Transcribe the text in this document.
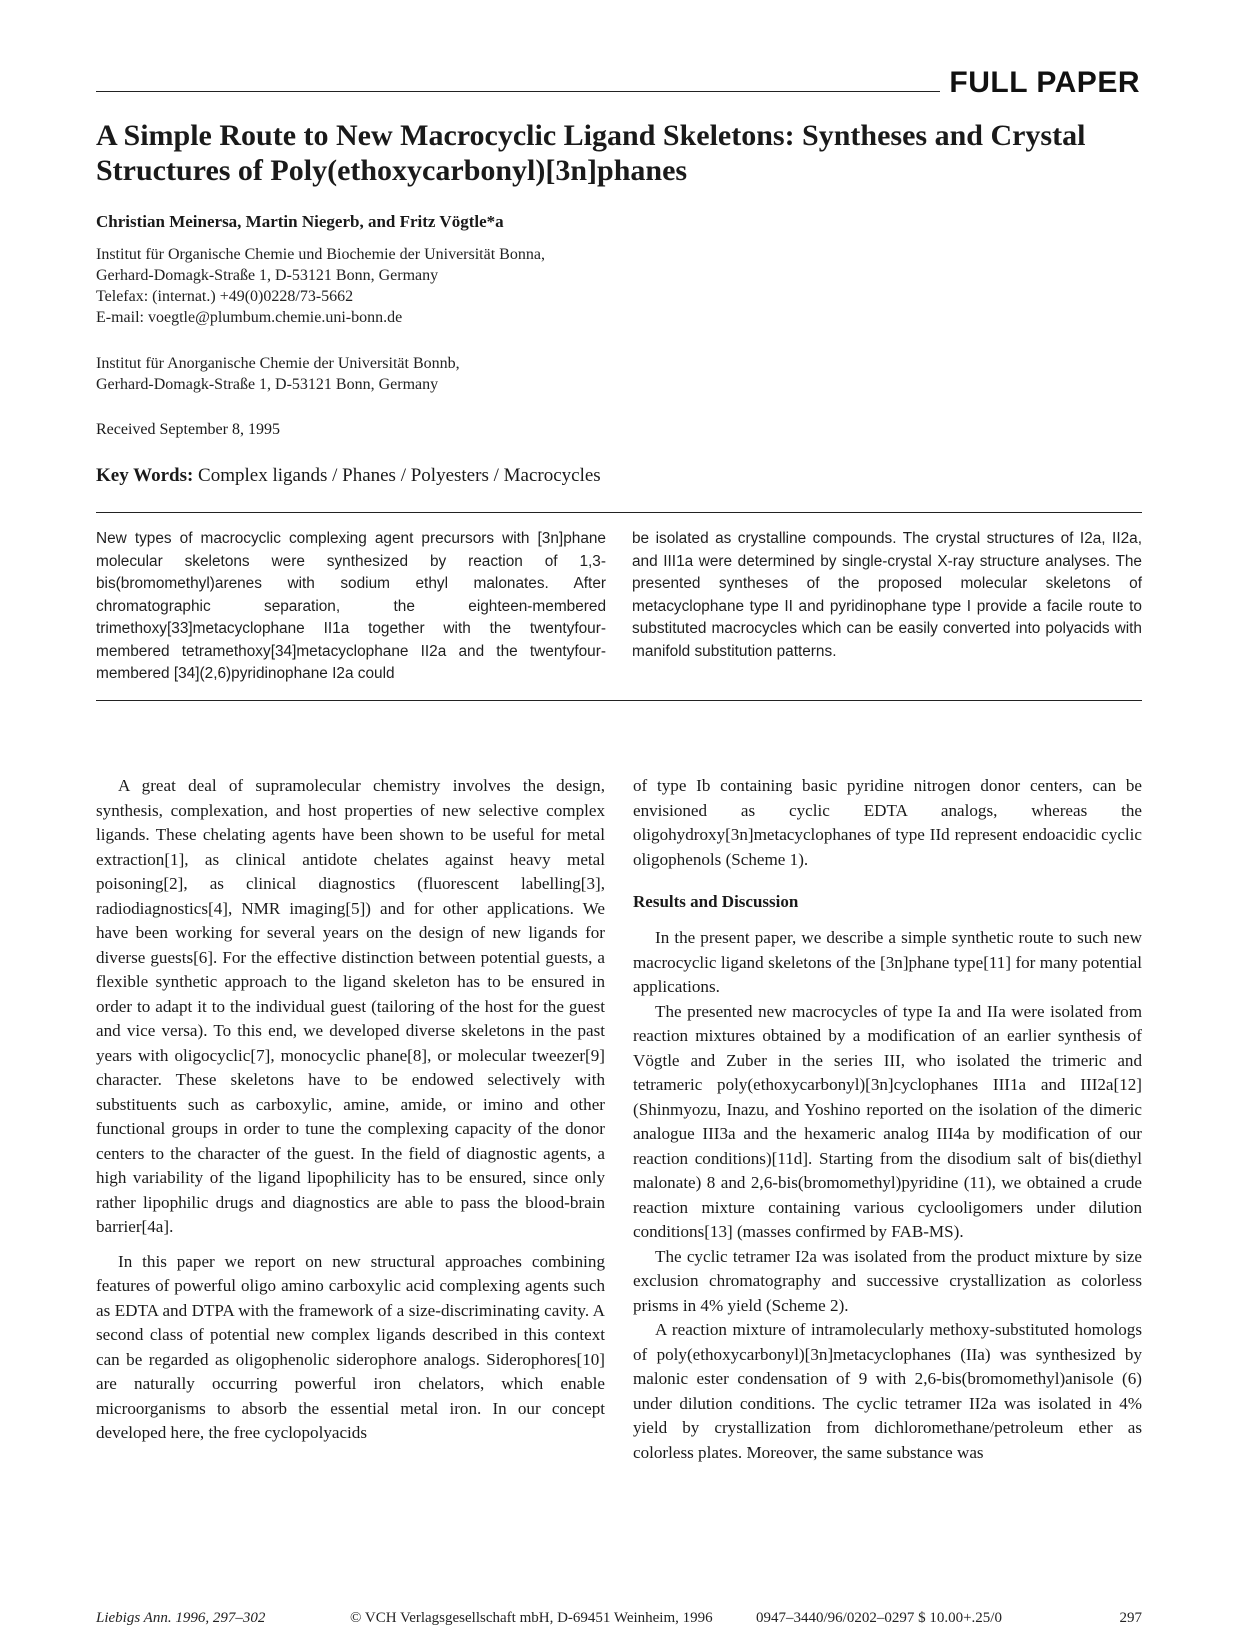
FULL PAPER
A Simple Route to New Macrocyclic Ligand Skeletons: Syntheses and Crystal Structures of Poly(ethoxycarbonyl)[3n]phanes
Christian Meinersa, Martin Niegerb, and Fritz Vögtle*a
Institut für Organische Chemie und Biochemie der Universität Bonna,
Gerhard-Domagk-Straße 1, D-53121 Bonn, Germany
Telefax: (internat.) +49(0)0228/73-5662
E-mail: voegtle@plumbum.chemie.uni-bonn.de
Institut für Anorganische Chemie der Universität Bonnb,
Gerhard-Domagk-Straße 1, D-53121 Bonn, Germany
Received September 8, 1995
Key Words: Complex ligands / Phanes / Polyesters / Macrocycles

New types of macrocyclic complexing agent precursors with [3n]phane molecular skeletons were synthesized by reaction of 1,3-bis(bromomethyl)arenes with sodium ethyl malonates. After chromatographic separation, the eighteen-membered trimethoxy[33]metacyclophane II1a together with the twentyfour-membered tetramethoxy[34]metacyclophane II2a and the twentyfour-membered [34](2,6)pyridinophane I2a could

be isolated as crystalline compounds. The crystal structures of I2a, II2a, and III1a were determined by single-crystal X-ray structure analyses. The presented syntheses of the proposed molecular skeletons of metacyclophane type II and pyridinophane type I provide a facile route to substituted macrocycles which can be easily converted into polyacids with manifold substitution patterns.

A great deal of supramolecular chemistry involves the design, synthesis, complexation, and host properties of new selective complex ligands. These chelating agents have been shown to be useful for metal extraction[1], as clinical antidote chelates against heavy metal poisoning[2], as clinical diagnostics (fluorescent labelling[3], radiodiagnostics[4], NMR imaging[5]) and for other applications. We have been working for several years on the design of new ligands for diverse guests[6]. For the effective distinction between potential guests, a flexible synthetic approach to the ligand skeleton has to be ensured in order to adapt it to the individual guest (tailoring of the host for the guest and vice versa). To this end, we developed diverse skeletons in the past years with oligocyclic[7], monocyclic phane[8], or molecular tweezer[9] character. These skeletons have to be endowed selectively with substituents such as carboxylic, amine, amide, or imino and other functional groups in order to tune the complexing capacity of the donor centers to the character of the guest. In the field of diagnostic agents, a high variability of the ligand lipophilicity has to be ensured, since only rather lipophilic drugs and diagnostics are able to pass the blood-brain barrier[4a].

In this paper we report on new structural approaches combining features of powerful oligo amino carboxylic acid complexing agents such as EDTA and DTPA with the framework of a size-discriminating cavity. A second class of potential new complex ligands described in this context can be regarded as oligophenolic siderophore analogs. Siderophores[10] are naturally occurring powerful iron chelators, which enable microorganisms to absorb the essential metal iron. In our concept developed here, the free cyclopolyacids

of type Ib containing basic pyridine nitrogen donor centers, can be envisioned as cyclic EDTA analogs, whereas the oligohydroxy[3n]metacyclophanes of type IId represent endoacidic cyclic oligophenols (Scheme 1).

Results and Discussion

In the present paper, we describe a simple synthetic route to such new macrocyclic ligand skeletons of the [3n]phane type[11] for many potential applications.

The presented new macrocycles of type Ia and IIa were isolated from reaction mixtures obtained by a modification of an earlier synthesis of Vögtle and Zuber in the series III, who isolated the trimeric and tetrameric poly(ethoxycarbonyl)[3n]cyclophanes III1a and III2a[12] (Shinmyozu, Inazu, and Yoshino reported on the isolation of the dimeric analogue III3a and the hexameric analog III4a by modification of our reaction conditions)[11d]. Starting from the disodium salt of bis(diethyl malonate) 8 and 2,6-bis(bromomethyl)pyridine (11), we obtained a crude reaction mixture containing various cyclooligomers under dilution conditions[13] (masses confirmed by FAB-MS).

The cyclic tetramer I2a was isolated from the product mixture by size exclusion chromatography and successive crystallization as colorless prisms in 4% yield (Scheme 2).

A reaction mixture of intramolecularly methoxy-substituted homologs of poly(ethoxycarbonyl)[3n]metacyclophanes (IIa) was synthesized by malonic ester condensation of 9 with 2,6-bis(bromomethyl)anisole (6) under dilution conditions. The cyclic tetramer II2a was isolated in 4% yield by crystallization from dichloromethane/petroleum ether as colorless plates. Moreover, the same substance was

Liebigs Ann. 1996, 297–302	© VCH Verlagsgesellschaft mbH, D-69451 Weinheim, 1996	0947–3440/96/0202–0297 $ 10.00+.25/0	297
